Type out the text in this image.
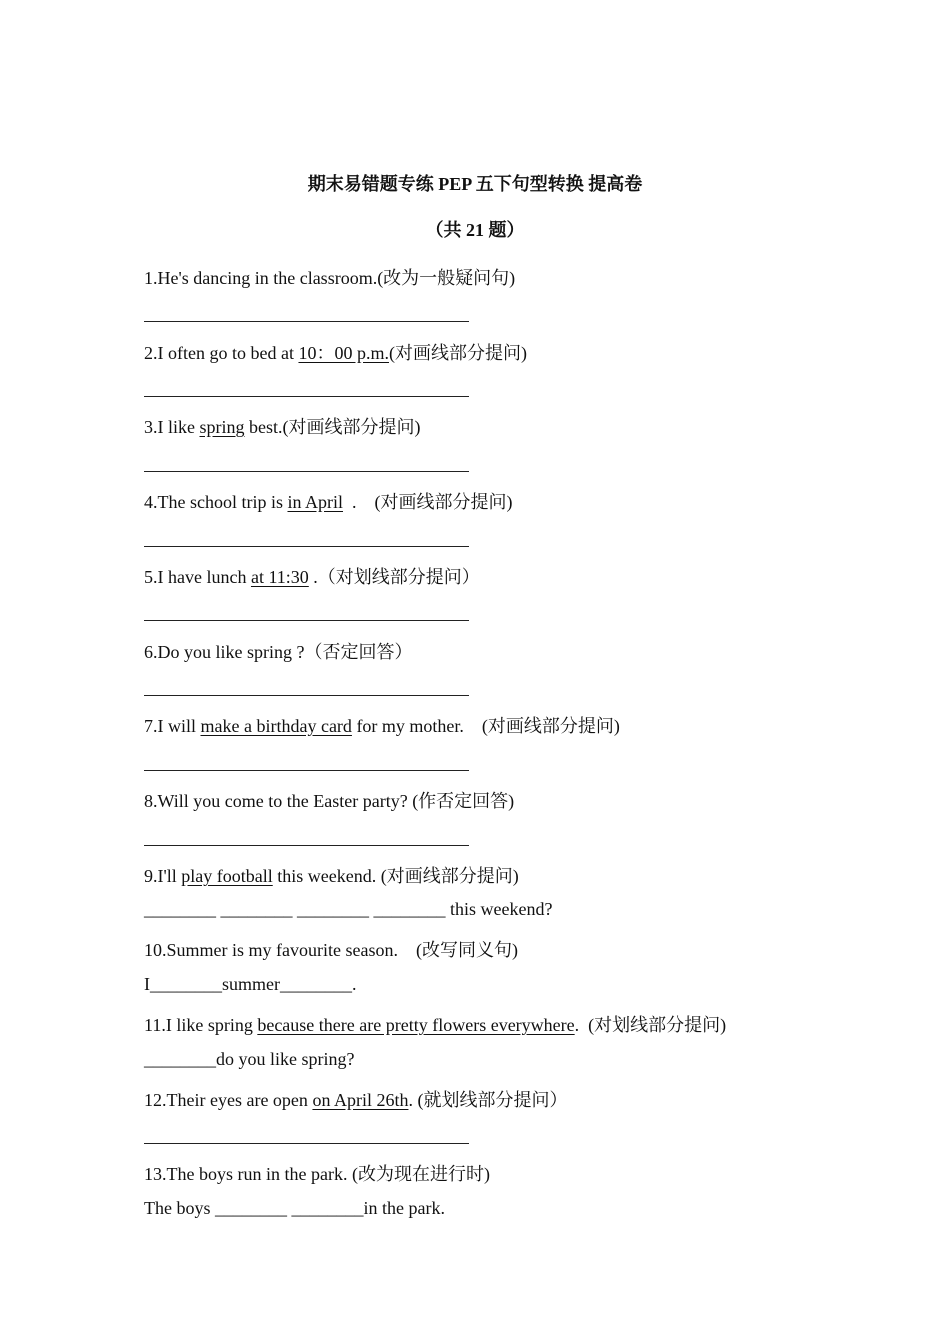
期末易错题专练 PEP 五下句型转换 提高卷
（共 21 题）
1.He's dancing in the classroom.(改为一般疑问句)
2.I often go to bed at 10：00 p.m.(对画线部分提问)
3.I like spring best.(对画线部分提问)
4.The school trip is in April  .    (对画线部分提问)
5.I have lunch at 11:30 .（对划线部分提问）
6.Do you like spring ?（否定回答）
7.I will make a birthday card for my mother.    (对画线部分提问)
8.Will you come to the Easter party? (作否定回答)
9.I'll play football this weekend. (对画线部分提问)
________ ________ ________ ________ this weekend?
10.Summer is my favourite season.    (改写同义句)
I________summer________.
11.I like spring because there are pretty flowers everywhere.  (对划线部分提问)
________do you like spring?
12.Their eyes are open on April 26th. (就划线部分提问）
13.The boys run in the park. (改为现在进行时)
The boys ________ ________in the park.
